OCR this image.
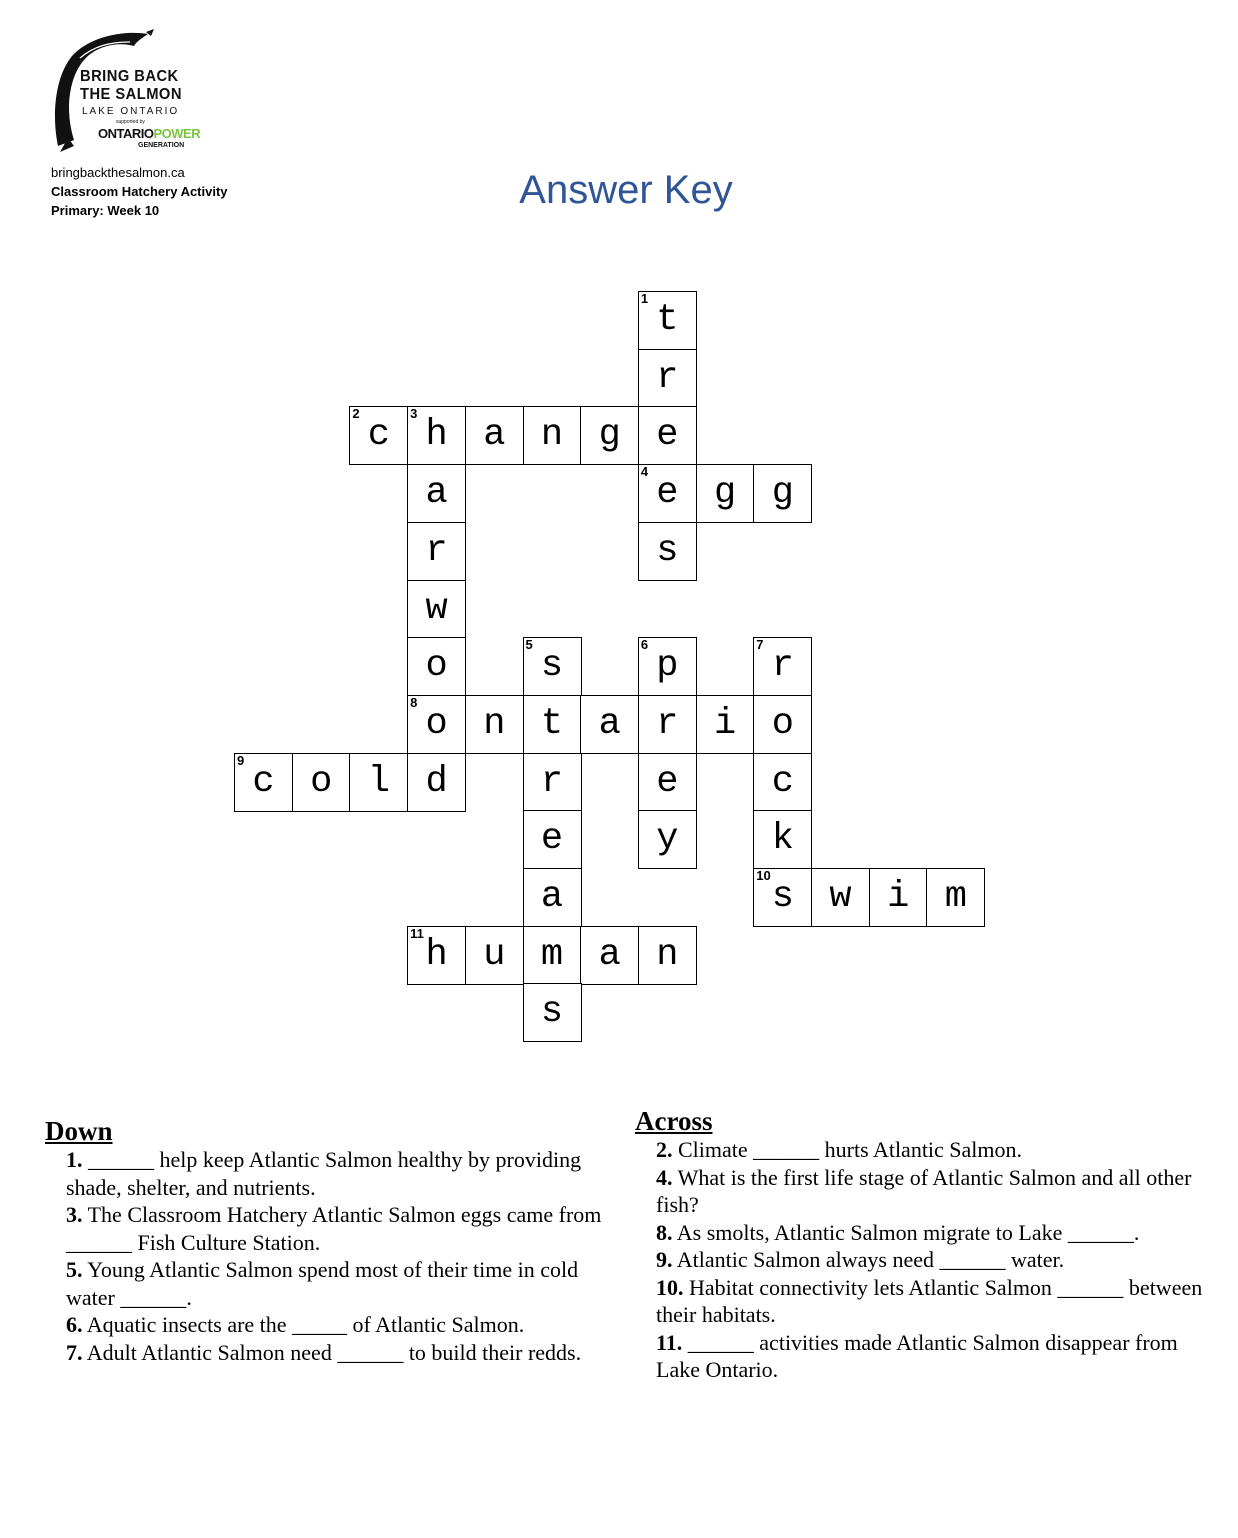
BRING BACK
THE SALMON
LAKE ONTARIO
supported by
ONTARIOPOWER
GENERATION
bringbackthesalmon.ca
Classroom Hatchery Activity
Primary: Week 10	Answer Key
1
t
r
2
c
3
h a n g e
a
4
e g g
r	s
w
o
5
s
6
p
7
r
8
o n t a r i o
9
c o l d	r	e	c
e	y	k
a
10
s w i m
11
h u m a n
s
Down
1. ______ help keep Atlantic Salmon healthy by providing shade, shelter, and nutrients.
3. The Classroom Hatchery Atlantic Salmon eggs came from ______ Fish Culture Station.
5. Young Atlantic Salmon spend most of their time in cold water ______.
6. Aquatic insects are the _____ of Atlantic Salmon.
7. Adult Atlantic Salmon need ______ to build their redds.
Across
2. Climate ______ hurts Atlantic Salmon.
4. What is the first life stage of Atlantic Salmon and all other fish?
8. As smolts, Atlantic Salmon migrate to Lake ______.
9. Atlantic Salmon always need ______ water.
10. Habitat connectivity lets Atlantic Salmon ______ between their habitats.
11. ______ activities made Atlantic Salmon disappear from Lake Ontario.
